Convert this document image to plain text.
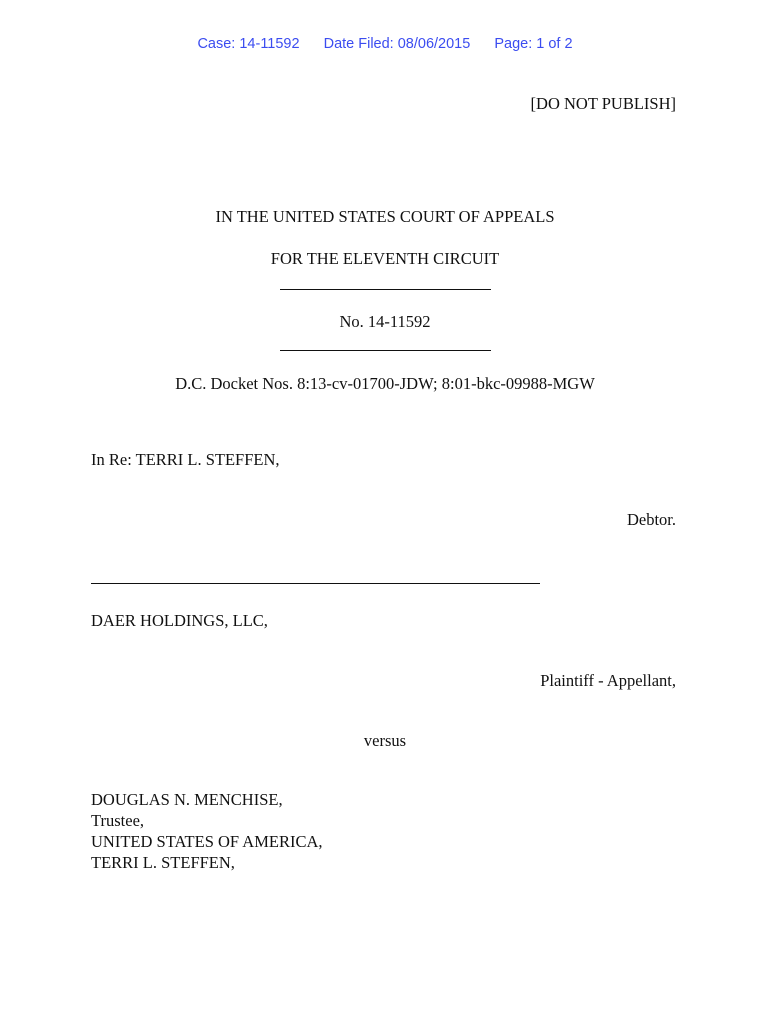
Case: 14-11592 Date Filed: 08/06/2015 Page: 1 of 2
[DO NOT PUBLISH]
IN THE UNITED STATES COURT OF APPEALS
FOR THE ELEVENTH CIRCUIT
No. 14-11592
D.C. Docket Nos. 8:13-cv-01700-JDW; 8:01-bkc-09988-MGW
In Re: TERRI L. STEFFEN,
Debtor.
DAER HOLDINGS, LLC,
Plaintiff - Appellant,
versus
DOUGLAS N. MENCHISE,
Trustee,
UNITED STATES OF AMERICA,
TERRI L. STEFFEN,
